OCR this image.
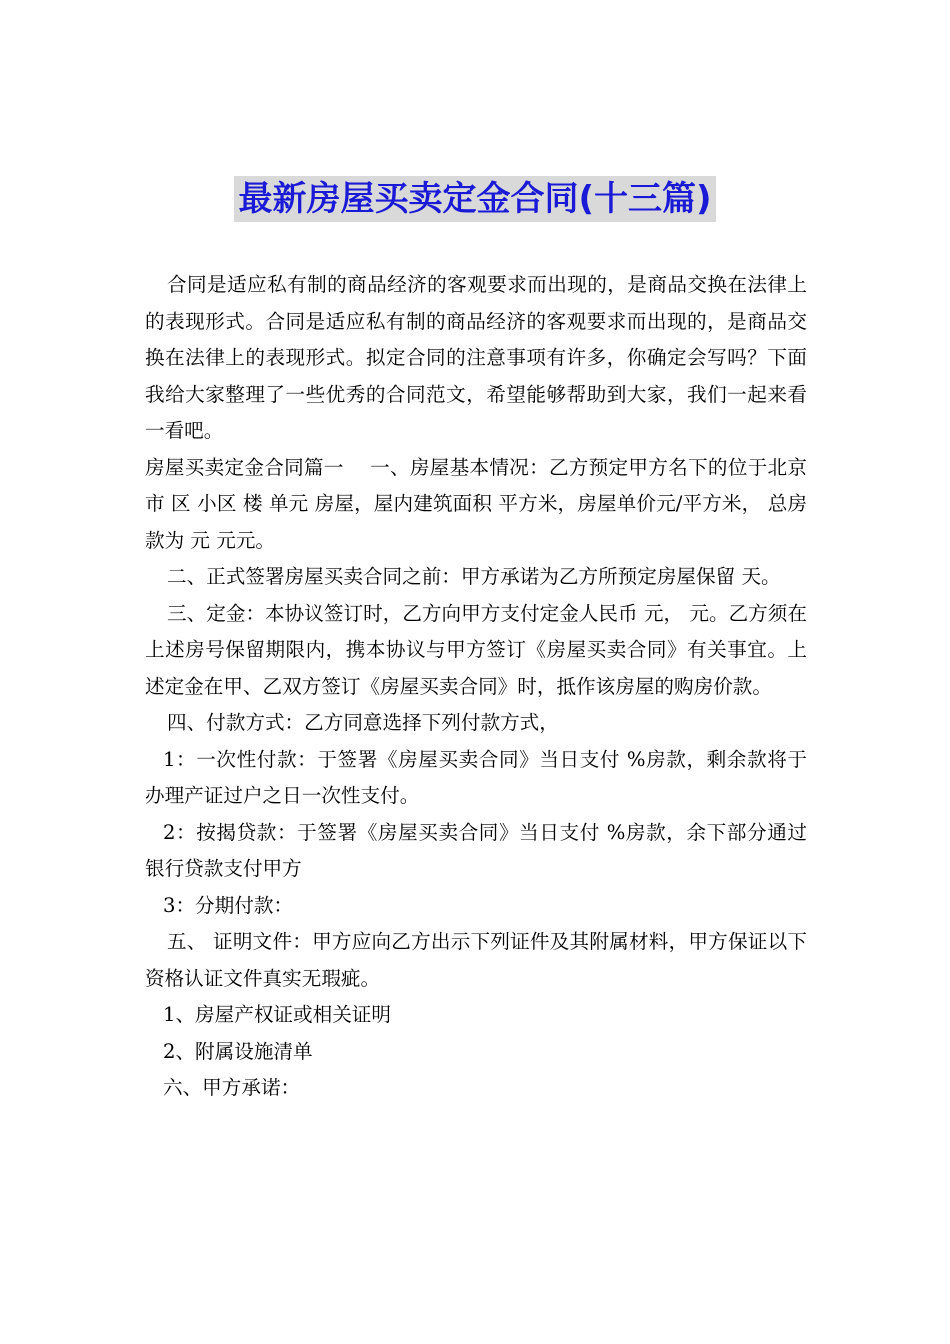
最新房屋买卖定金合同(十三篇)

合同是适应私有制的商品经济的客观要求而出现的，是商品交换在法律上的表现形式。合同是适应私有制的商品经济的客观要求而出现的，是商品交换在法律上的表现形式。拟定合同的注意事项有许多，你确定会写吗？下面我给大家整理了一些优秀的合同范文，希望能够帮助到大家，我们一起来看一看吧。

房屋买卖定金合同篇一　 一、房屋基本情况：乙方预定甲方名下的位于北京市 区 小区 楼 单元 房屋，屋内建筑面积 平方米，房屋单价元/平方米， 总房款为 元 元元。

二、正式签署房屋买卖合同之前：甲方承诺为乙方所预定房屋保留 天。

三、定金：本协议签订时，乙方向甲方支付定金人民币 元， 元。乙方须在上述房号保留期限内，携本协议与甲方签订《房屋买卖合同》有关事宜。上述定金在甲、乙双方签订《房屋买卖合同》时，抵作该房屋的购房价款。

四、付款方式：乙方同意选择下列付款方式，

1：一次性付款：于签署《房屋买卖合同》当日支付 %房款，剩余款将于办理产证过户之日一次性支付。

2：按揭贷款：于签署《房屋买卖合同》当日支付 %房款，余下部分通过银行贷款支付甲方

3：分期付款：

五、 证明文件：甲方应向乙方出示下列证件及其附属材料，甲方保证以下资格认证文件真实无瑕疵。

1、房屋产权证或相关证明

2、附属设施清单

六、甲方承诺：
